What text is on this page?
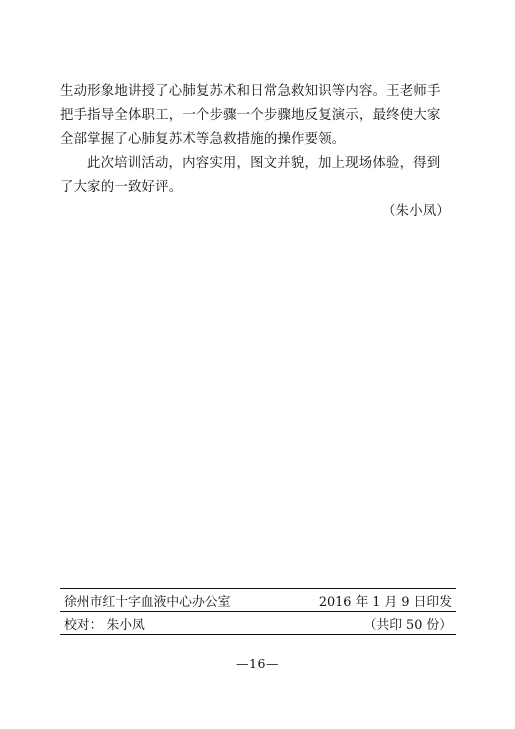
生动形象地讲授了心肺复苏术和日常急救知识等内容。王老师手
把手指导全体职工，一个步骤一个步骤地反复演示，最终使大家
全部掌握了心肺复苏术等急救措施的操作要领。

此次培训活动，内容实用，图文并貌，加上现场体验，得到
了大家的一致好评。

（朱小凤）

徐州市红十字血液中心办公室	2016 年 1 月 9 日印发
校对： 朱小凤	（共印 50 份）
—16—
